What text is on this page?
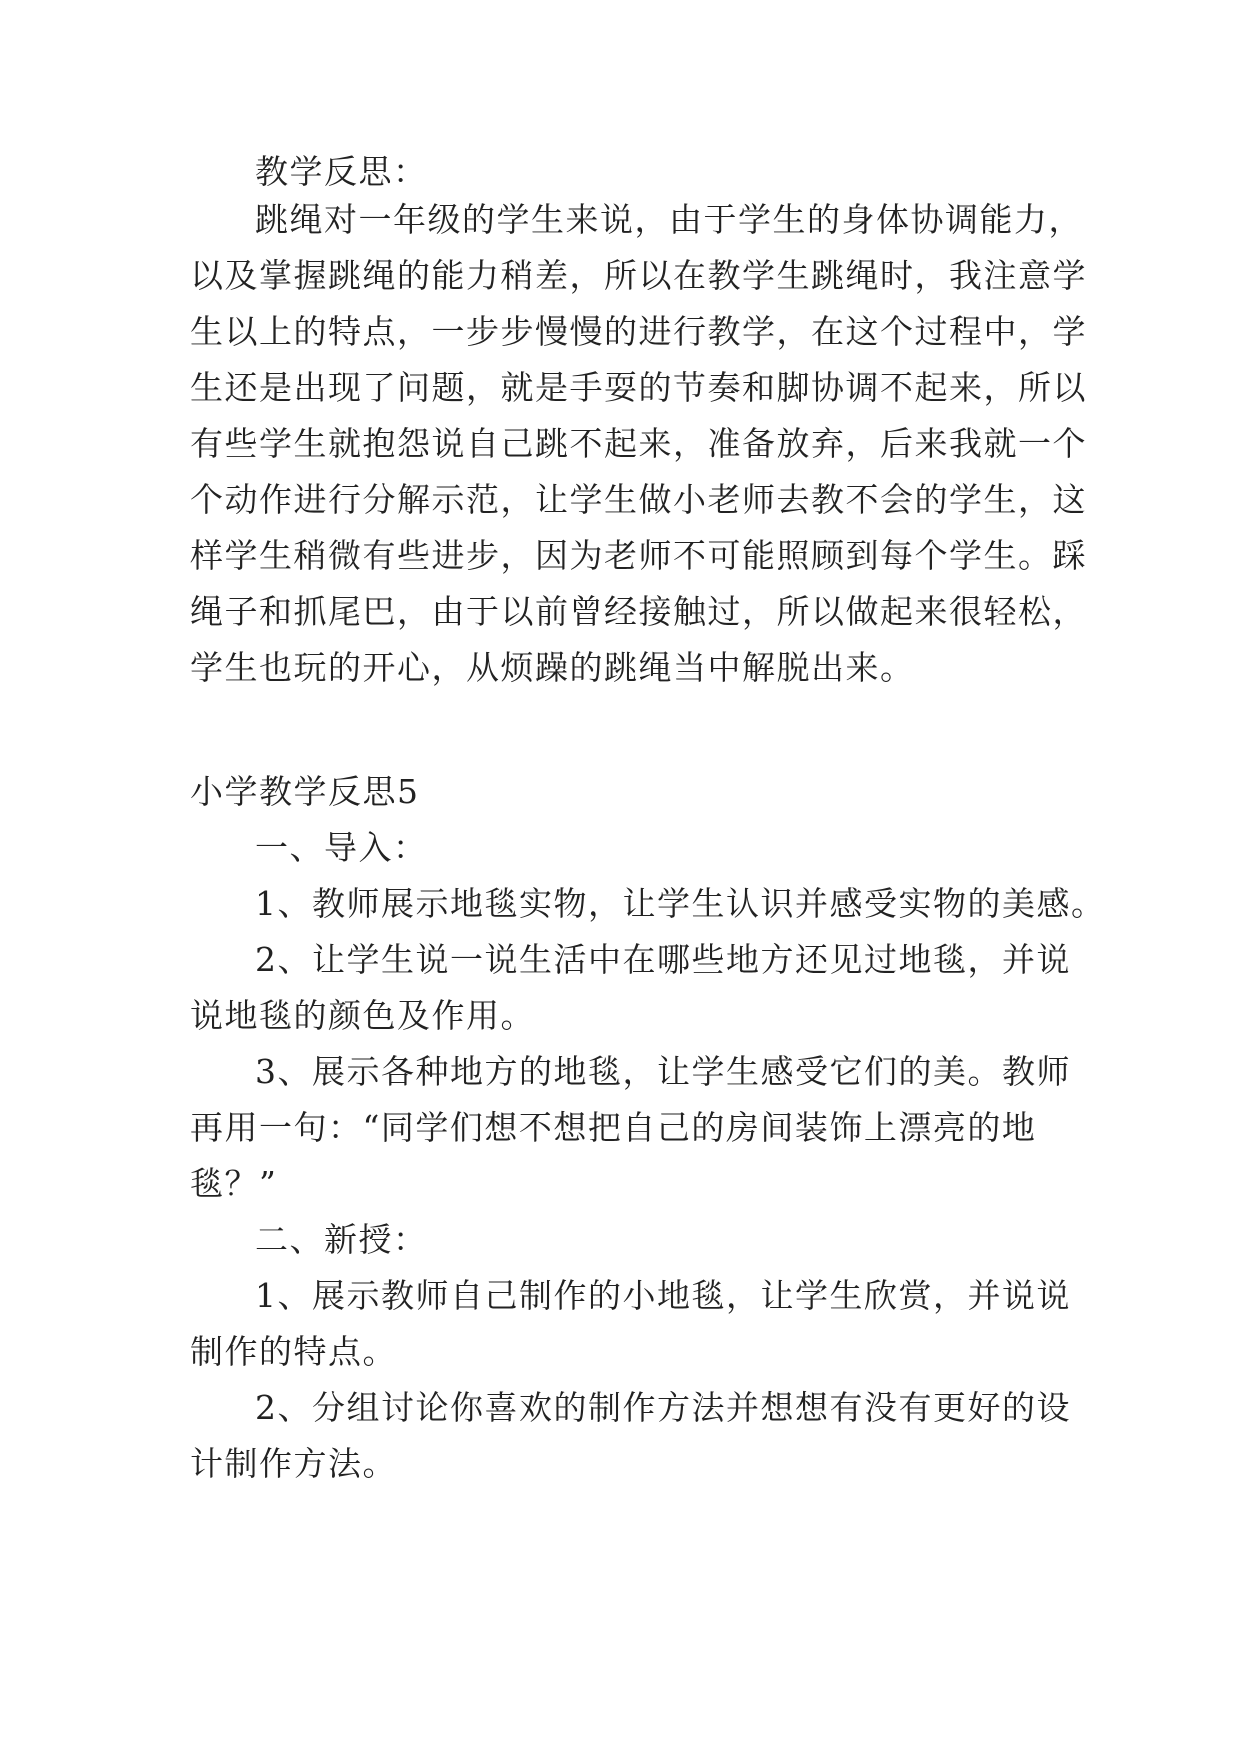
教学反思：

跳绳对一年级的学生来说，由于学生的身体协调能力，

以及掌握跳绳的能力稍差，所以在教学生跳绳时，我注意学

生以上的特点，一步步慢慢的进行教学，在这个过程中，学

生还是出现了问题，就是手耍的节奏和脚协调不起来，所以

有些学生就抱怨说自己跳不起来，准备放弃，后来我就一个

个动作进行分解示范，让学生做小老师去教不会的学生，这

样学生稍微有些进步，因为老师不可能照顾到每个学生。踩

绳子和抓尾巴，由于以前曾经接触过，所以做起来很轻松，

学生也玩的开心，从烦躁的跳绳当中解脱出来。

小学教学反思5

一、导入：

1、教师展示地毯实物，让学生认识并感受实物的美感。

2、让学生说一说生活中在哪些地方还见过地毯，并说

说地毯的颜色及作用。

3、展示各种地方的地毯，让学生感受它们的美。教师

再用一句：“同学们想不想把自己的房间装饰上漂亮的地

毯？”

二、新授：

1、展示教师自己制作的小地毯，让学生欣赏，并说说

制作的特点。

2、分组讨论你喜欢的制作方法并想想有没有更好的设

计制作方法。
